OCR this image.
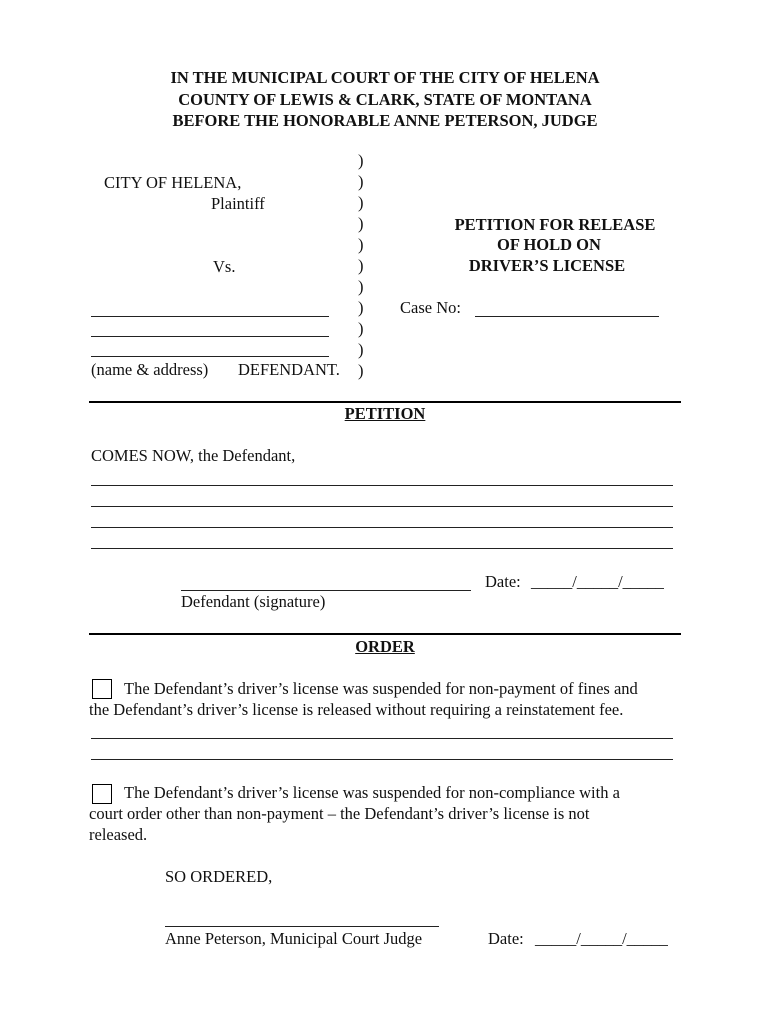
IN THE MUNICIPAL COURT OF THE CITY OF HELENA
COUNTY OF LEWIS & CLARK, STATE OF MONTANA
BEFORE THE HONORABLE ANNE PETERSON, JUDGE
CITY OF HELENA,
Plaintiff
Vs.
(name & address) DEFENDANT.
)
)
)
)
)
)
)
)
)
)
)
PETITION FOR RELEASE
OF HOLD ON
DRIVER’S LICENSE
Case No:
PETITION
COMES NOW, the Defendant,
Defendant (signature)
Date: _____/_____/_____
ORDER
The Defendant’s driver’s license was suspended for non-payment of fines and
the Defendant’s driver’s license is released without requiring a reinstatement fee.
The Defendant’s driver’s license was suspended for non-compliance with a
court order other than non-payment – the Defendant’s driver’s license is not
released.
SO ORDERED,
Anne Peterson, Municipal Court Judge	Date: _____/_____/_____
